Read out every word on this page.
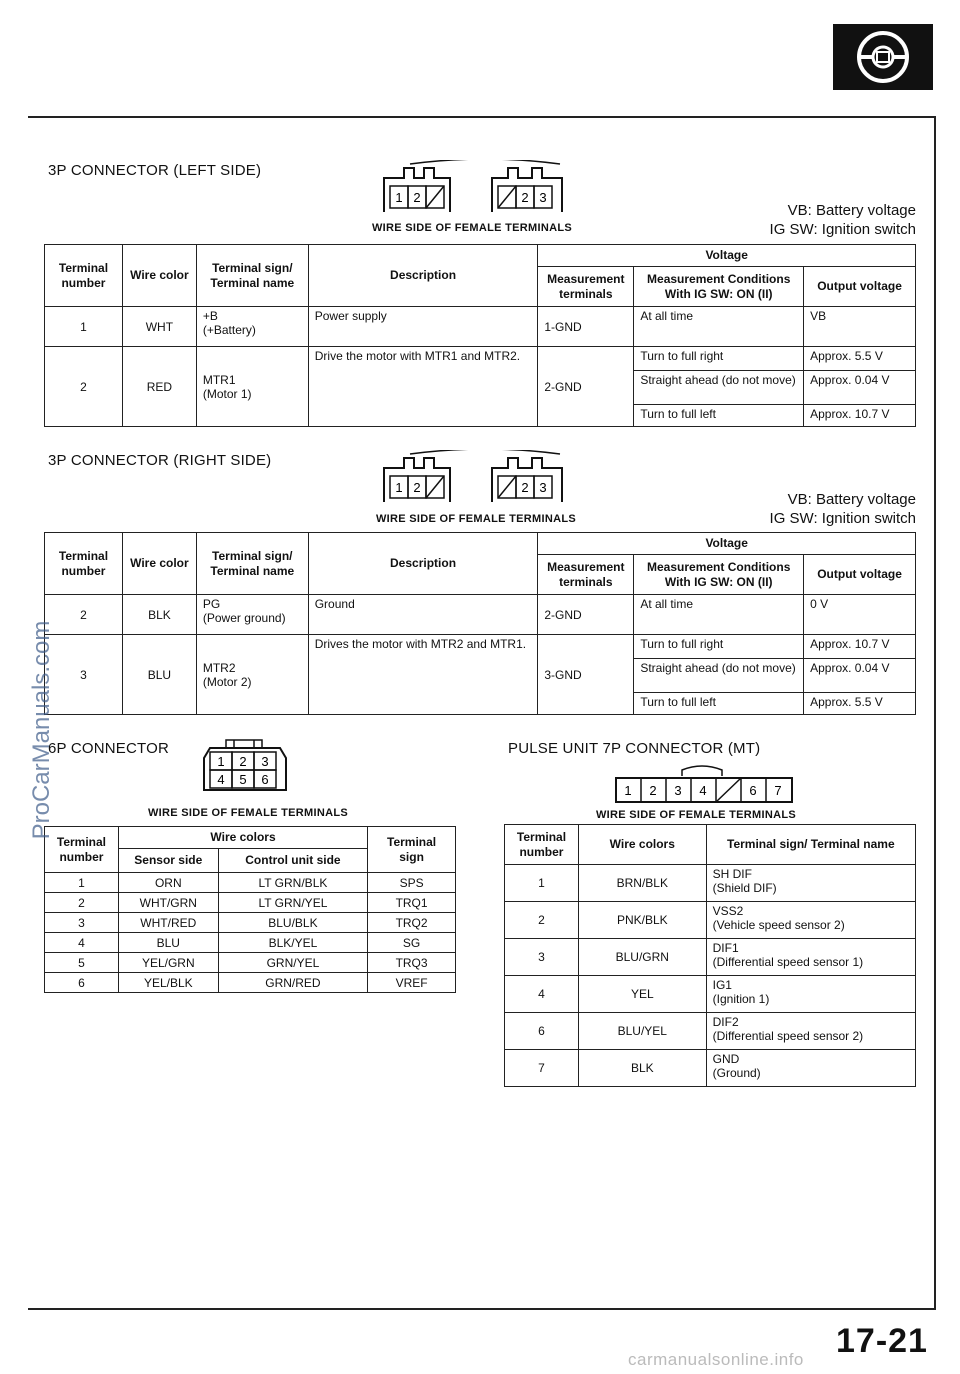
3P CONNECTOR (LEFT SIDE)
1 2	2 3
WIRE SIDE OF FEMALE TERMINALS
VB: Battery voltage
IG SW: Ignition switch
Terminal number	Wire color	Terminal sign/ Terminal name	Description	Voltage		
				Measurement terminals	Measurement Conditions With IG SW: ON (II)	Output voltage
1	WHT	+B
(+Battery)	Power supply	1-GND	At all time	VB
2	RED	MTR1
(Motor 1)	Drive the motor with MTR1 and MTR2.	2-GND	Turn to full right	Approx. 5.5 V
					Straight ahead (do not move)	Approx. 0.04 V
					Turn to full left	Approx. 10.7 V
3P CONNECTOR (RIGHT SIDE)
1 2	2 3
WIRE SIDE OF FEMALE TERMINALS
VB: Battery voltage
IG SW: Ignition switch
Terminal number	Wire color	Terminal sign/ Terminal name	Description	Voltage		
				Measurement terminals	Measurement Conditions With IG SW: ON (II)	Output voltage
2	BLK	PG
(Power ground)	Ground	2-GND	At all time	0 V
3	BLU	MTR2
(Motor 2)	Drives the motor with MTR2 and MTR1.	3-GND	Turn to full right	Approx. 10.7 V
					Straight ahead (do not move)	Approx. 0.04 V
					Turn to full left	Approx. 5.5 V
6P CONNECTOR
1 2 3
4 5 6
WIRE SIDE OF FEMALE TERMINALS
Terminal number	Wire colors		Terminal sign
	Sensor side	Control unit side	
1	ORN	LT GRN/BLK	SPS
2	WHT/GRN	LT GRN/YEL	TRQ1
3	WHT/RED	BLU/BLK	TRQ2
4	BLU	BLK/YEL	SG
5	YEL/GRN	GRN/YEL	TRQ3
6	YEL/BLK	GRN/RED	VREF
PULSE UNIT 7P CONNECTOR (MT)
1 2 3 4	6 7
WIRE SIDE OF FEMALE TERMINALS
Terminal number	Wire colors	Terminal sign/ Terminal name
1	BRN/BLK	SH DIF
(Shield DIF)

2	PNK/BLK	VSS2
(Vehicle speed sensor 2)

3	BLU/GRN	DIF1
(Differential speed sensor 1)

4	YEL	IG1
(Ignition 1)

6	BLU/YEL	DIF2
(Differential speed sensor 2)

7	BLK	GND
(Ground)
ProCarManuals.com
17-21
carmanualsonline.info
